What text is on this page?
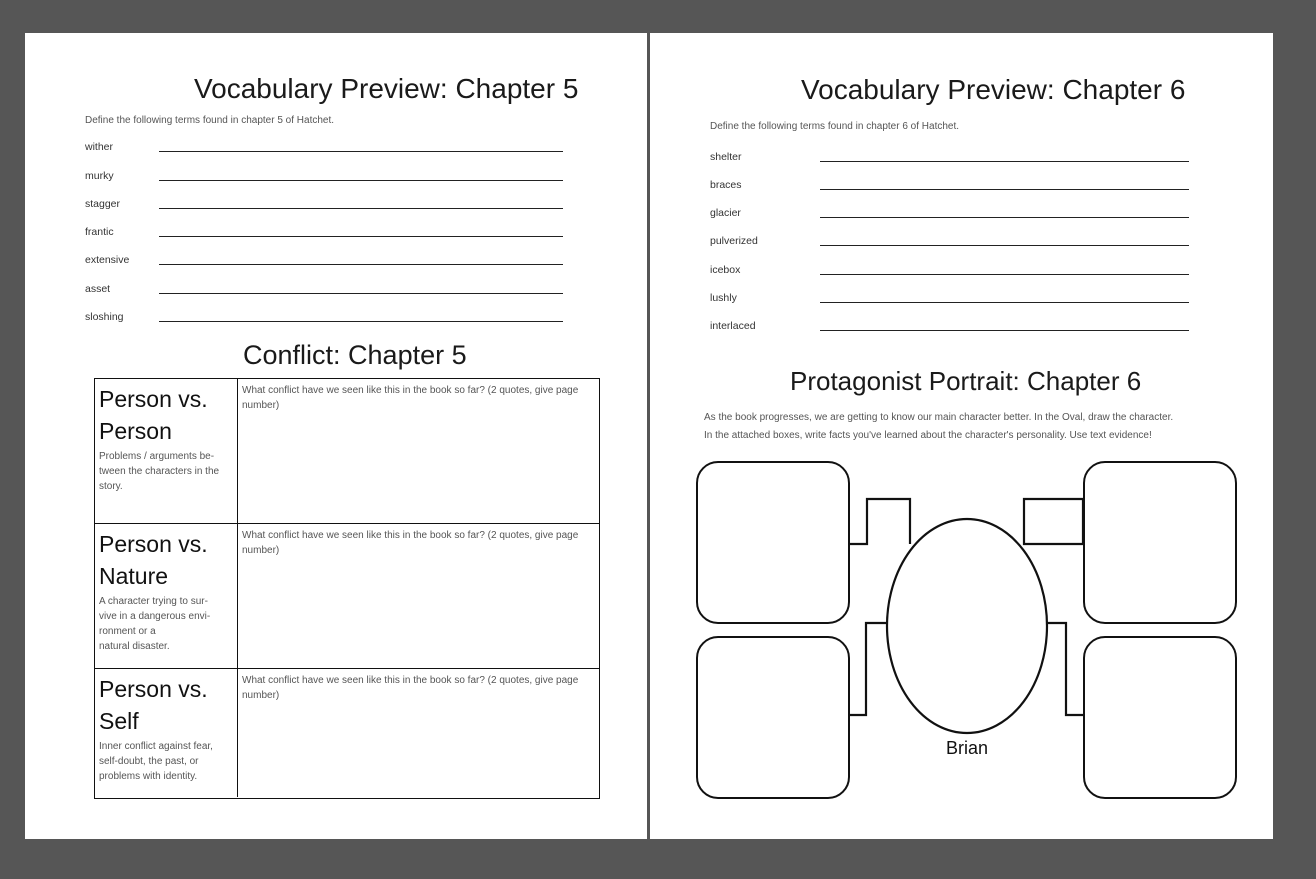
Vocabulary Preview: Chapter 5
Define the following terms found in chapter 5 of Hatchet.
wither
murky
stagger
frantic
extensive
asset
sloshing
Conflict: Chapter 5
Person vs.
Person
Problems / arguments be-
tween the characters in the
story.
What conflict have we seen like this in the book so far? (2 quotes, give page number)
Person vs.
Nature
A character trying to sur-
vive in a dangerous envi-
ronment or a
natural disaster.
What conflict have we seen like this in the book so far? (2 quotes, give page number)
Person vs.
Self
Inner conflict against fear,
self-doubt, the past, or
problems with identity.
What conflict have we seen like this in the book so far? (2 quotes, give page number)
Vocabulary Preview: Chapter 6
Define the following terms found in chapter 6 of Hatchet.
shelter
braces
glacier
pulverized
icebox
lushly
interlaced
Protagonist Portrait: Chapter 6
As the book progresses, we are getting to know our main character better. In the Oval, draw the character.
In the attached boxes, write facts you've learned about the character's personality. Use text evidence!
Brian
